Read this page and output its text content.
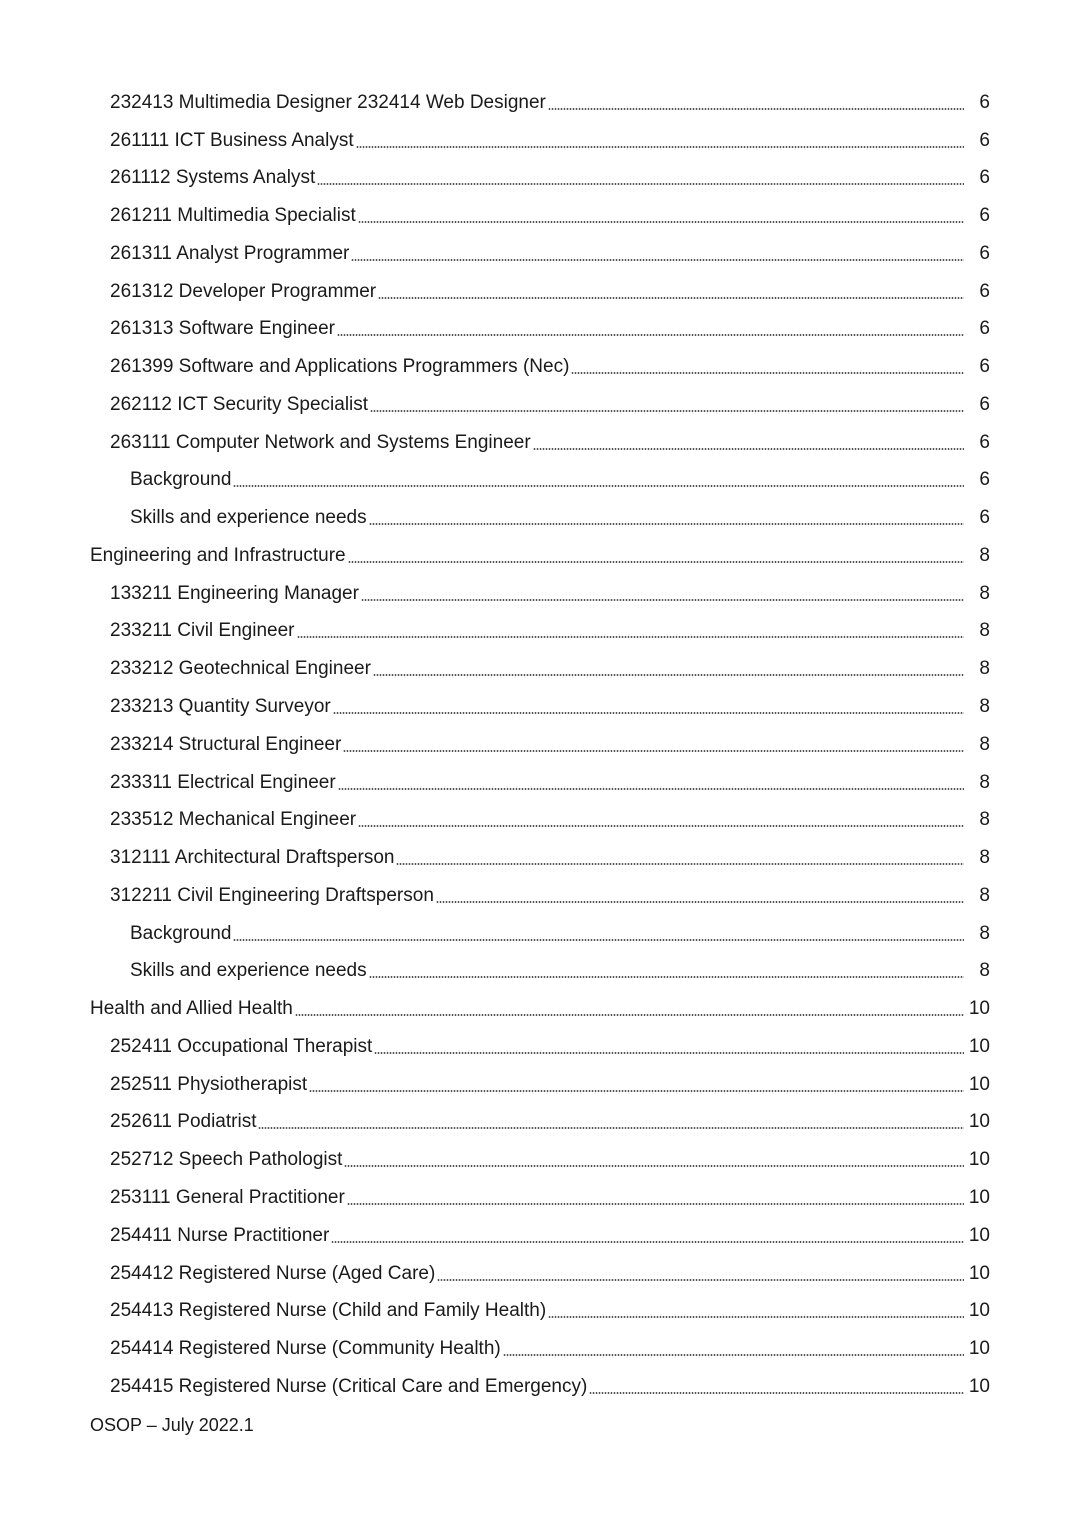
232413 Multimedia Designer 232414 Web Designer	6
261111 ICT Business Analyst	6
261112 Systems Analyst	6
261211 Multimedia Specialist	6
261311 Analyst Programmer	6
261312 Developer Programmer	6
261313 Software Engineer	6
261399 Software and Applications Programmers (Nec)	6
262112 ICT Security Specialist	6
263111 Computer Network and Systems Engineer	6
Background	6
Skills and experience needs	6
Engineering and Infrastructure	8
133211 Engineering Manager	8
233211 Civil Engineer	8
233212 Geotechnical Engineer	8
233213 Quantity Surveyor	8
233214 Structural Engineer	8
233311 Electrical Engineer	8
233512 Mechanical Engineer	8
312111 Architectural Draftsperson	8
312211 Civil Engineering Draftsperson	8
Background	8
Skills and experience needs	8
Health and Allied Health	10
252411 Occupational Therapist	10
252511 Physiotherapist	10
252611 Podiatrist	10
252712 Speech Pathologist	10
253111 General Practitioner	10
254411 Nurse Practitioner	10
254412 Registered Nurse (Aged Care)	10
254413 Registered Nurse (Child and Family Health)	10
254414 Registered Nurse (Community Health)	10
254415 Registered Nurse (Critical Care and Emergency)	10
OSOP – July 2022.1
